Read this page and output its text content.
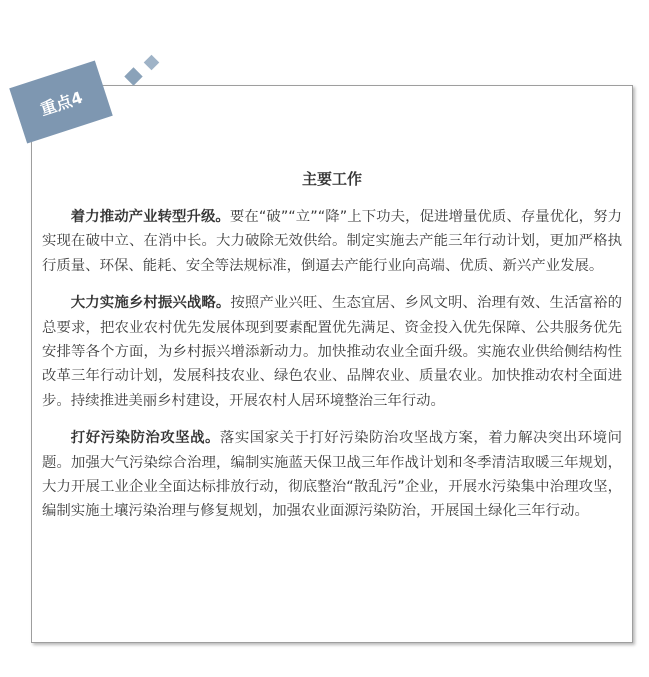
重点4
主要工作

着力推动产业转型升级。要在“破”“立”“降”上下功夫，促进增量优质、存量优化，努力实现在破中立、在消中长。大力破除无效供给。制定实施去产能三年行动计划，更加严格执行质量、环保、能耗、安全等法规标准，倒逼去产能行业向高端、优质、新兴产业发展。

大力实施乡村振兴战略。按照产业兴旺、生态宜居、乡风文明、治理有效、生活富裕的总要求，把农业农村优先发展体现到要素配置优先满足、资金投入优先保障、公共服务优先安排等各个方面，为乡村振兴增添新动力。加快推动农业全面升级。实施农业供给侧结构性改革三年行动计划，发展科技农业、绿色农业、品牌农业、质量农业。加快推动农村全面进步。持续推进美丽乡村建设，开展农村人居环境整治三年行动。

打好污染防治攻坚战。落实国家关于打好污染防治攻坚战方案，着力解决突出环境问题。加强大气污染综合治理，编制实施蓝天保卫战三年作战计划和冬季清洁取暖三年规划，大力开展工业企业全面达标排放行动，彻底整治“散乱污”企业，开展水污染集中治理攻坚，编制实施土壤污染治理与修复规划，加强农业面源污染防治，开展国土绿化三年行动。
